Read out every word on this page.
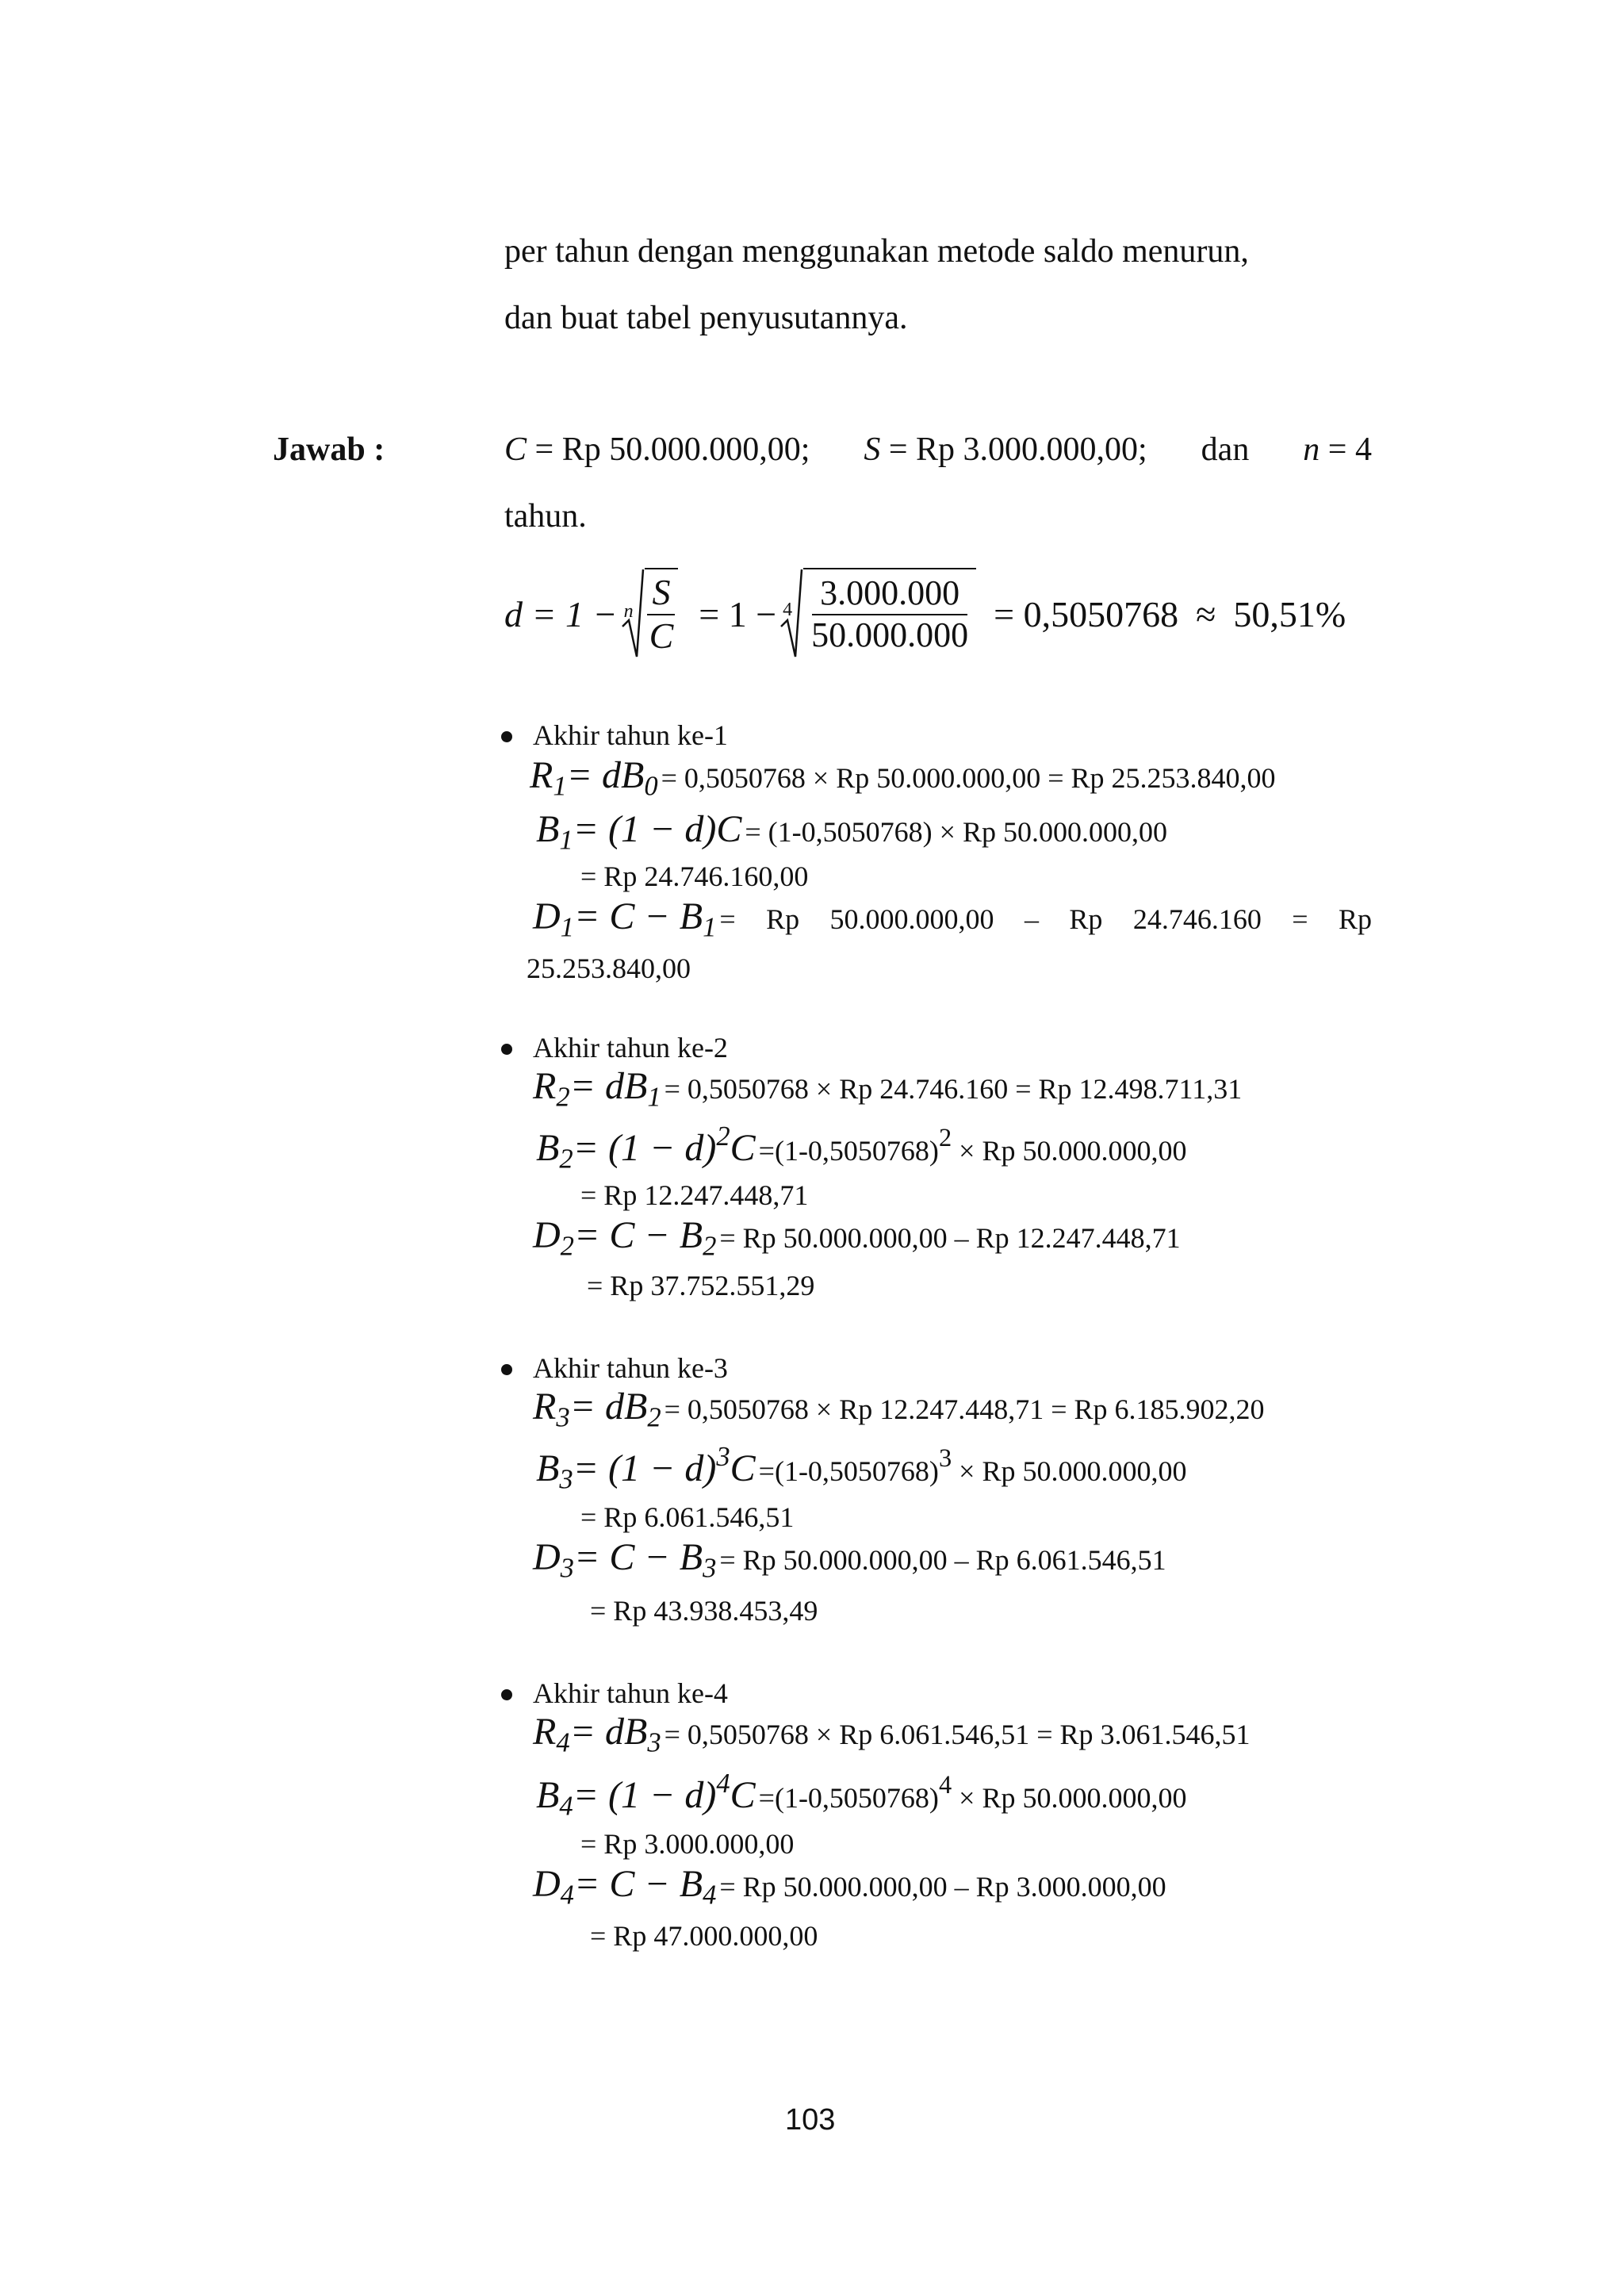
per tahun dengan menggunakan metode saldo menurun,
dan buat tabel penyusutannya.
Jawab :	C = Rp 50.000.000,00; S = Rp 3.000.000,00; dan n = 4
tahun.
d = 1 − n $\frac{S}{C} = 1 - 4 \frac{3.000.000}{50.000.000} = 0,5050768 \approx 50,51\%$
Akhir tahun ke-1
$R_1 = dB_0 = 0,5050768 \times Rp$ 50.000.000,00 = Rp 25.253.840,00
$B_1 = (1 - d)C = (1-0,5050768) \times Rp$ 50.000.000,00
= Rp 24.746.160,00
$D_1 = C - B_1 = Rp$ 50.000.000,00 – Rp 24.746.160 = Rp
25.253.840,00
Akhir tahun ke-2
$R_2 = dB_1 = 0,5050768 \times Rp$ 24.746.160 = Rp 12.498.711,31
$B_2 = (1 - d)^2C =(1-0,5050768)^2 \times Rp$ 50.000.000,00
= Rp 12.247.448,71
$D_2 = C - B_2 = Rp$ 50.000.000,00 – Rp 12.247.448,71
= Rp 37.752.551,29
Akhir tahun ke-3
$R_3 = dB_2 = 0,5050768 \times Rp$ 12.247.448,71 = Rp 6.185.902,20
$B_3 = (1 - d)^3C =(1-0,5050768)^3 \times Rp$ 50.000.000,00
= Rp 6.061.546,51
$D_3 = C - B_3 = Rp$ 50.000.000,00 – Rp 6.061.546,51
= Rp 43.938.453,49
Akhir tahun ke-4
$R_4 = dB_3 = 0,5050768 \times Rp$ 6.061.546,51 = Rp 3.061.546,51
$B_4 = (1 - d)^4C =(1-0,5050768)^4 \times Rp$ 50.000.000,00
= Rp 3.000.000,00
$D_4 = C - B_4 = Rp$ 50.000.000,00 – Rp 3.000.000,00
= Rp 47.000.000,00
103
